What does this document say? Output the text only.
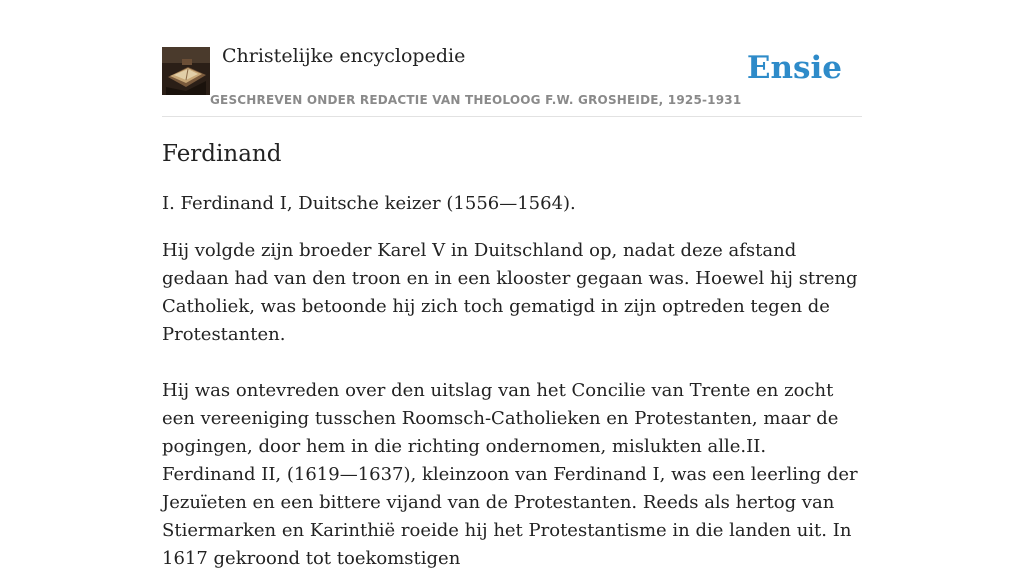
Christelijke encyclopedie
GESCHREVEN ONDER REDACTIE VAN THEOLOOG F.W. GROSHEIDE, 1925-1931
Ensie
Ferdinand

I. Ferdinand I, Duitsche keizer (1556—1564).

Hij volgde zijn broeder Karel V in Duitschland op, nadat deze afstand gedaan had van den troon en in een klooster gegaan was. Hoewel hij streng Catholiek, was betoonde hij zich toch gematigd in zijn optreden tegen de Protestanten.

Hij was ontevreden over den uitslag van het Concilie van Trente en zocht een vereeniging tusschen Roomsch-Catholieken en Protestanten, maar de pogingen, door hem in die richting ondernomen, mislukten alle.II. Ferdinand II, (1619—1637), kleinzoon van Ferdinand I, was een leerling der Jezuïeten en een bittere vijand van de Protestanten. Reeds als hertog van Stiermarken en Karinthië roeide hij het Protestantisme in die landen uit. In 1617 gekroond tot toekomstigen
